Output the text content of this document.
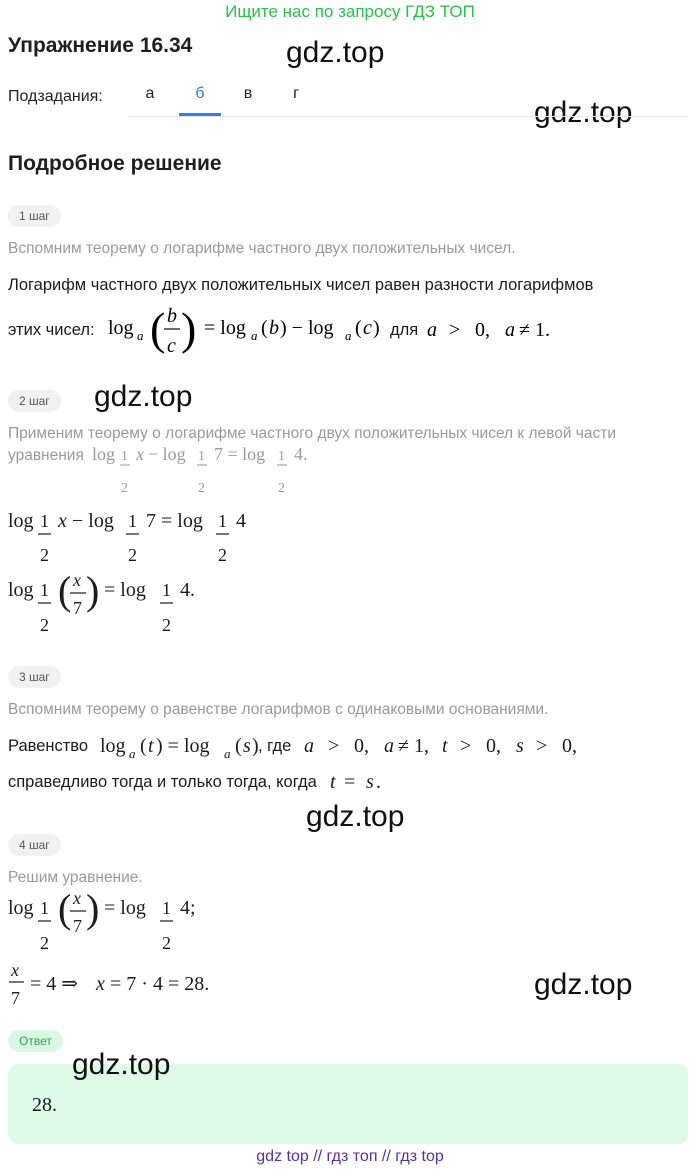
Ищите нас по запросу ГДЗ ТОП
Упражнение 16.34	gdz.top
gdz.top
gdz.top
gdz.top
gdz.top
gdz.top
Подзадания:	а	б	в	г
Подробное решение
1 шаг
Вспомним теорему о логарифме частного двух положительных чисел.
Логарифм частного двух положительных чисел равен разности логарифмов
этих чисел: log a ( b
c ) = log a ( b ) − log a ( c ) для a > 0, a ≠ 1.
2 шаг
Применим теорему о логарифме частного двух положительных чисел к левой части
уравнения log 1
2
x − log 1
2
7 = log 1
2
4.
log 1
2
x − log 1
2
7 = log 1
2
4
log 1
2
( x
7 ) = log 1
2
4.
3 шаг
Вспомним теорему о равенстве логарифмов с одинаковыми основаниями.
Равенство log a ( t ) = log a ( s ) , где a > 0, a ≠ 1, t > 0, s > 0,
справедливо тогда и только тогда, когда t = s .
4 шаг
Решим уравнение.
log 1
2
( x
7 ) = log 1
2
4;
x
7
= 4 ⇒ x = 7 · 4 = 28.
Ответ
28.
gdz top // гдз топ // гдз top
